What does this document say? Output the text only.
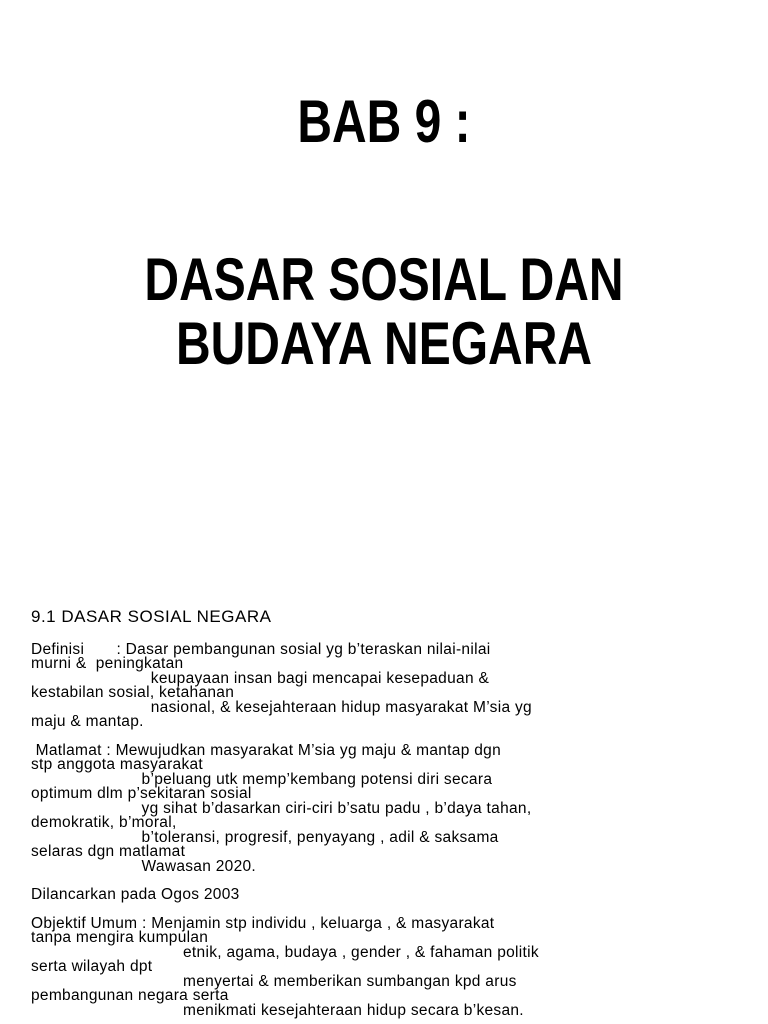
BAB 9 :
DASAR SOSIAL DAN
BUDAYA NEGARA

9.1 DASAR SOSIAL NEGARA

Definisi       : Dasar pembangunan sosial yg b’teraskan nilai-nilai

murni &  peningkatan

keupayaan insan bagi mencapai kesepaduan &

kestabilan sosial, ketahanan

nasional, & kesejahteraan hidup masyarakat M’sia yg

maju & mantap.

Matlamat : Mewujudkan masyarakat M’sia yg maju & mantap dgn

stp anggota masyarakat

b’peluang utk memp’kembang potensi diri secara

optimum dlm p’sekitaran sosial

yg sihat b’dasarkan ciri-ciri b’satu padu , b’daya tahan,

demokratik, b’moral,

b’toleransi, progresif, penyayang , adil & saksama

selaras dgn matlamat

Wawasan 2020.

Dilancarkan pada Ogos 2003

Objektif Umum : Menjamin stp individu , keluarga , & masyarakat

tanpa mengira kumpulan

etnik, agama, budaya , gender , & fahaman politik

serta wilayah dpt

menyertai & memberikan sumbangan kpd arus

pembangunan negara serta

menikmati kesejahteraan hidup secara b’kesan.
